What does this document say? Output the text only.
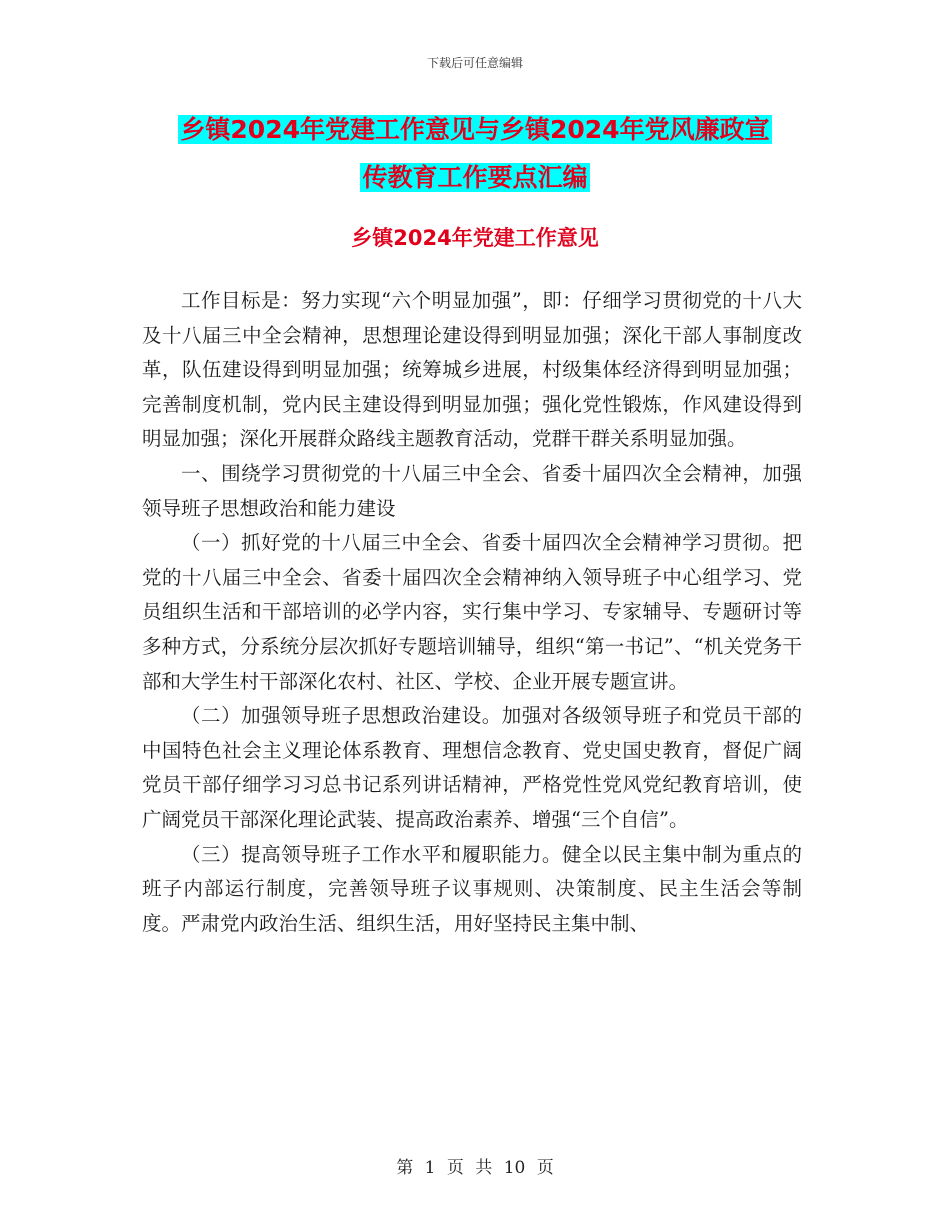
下载后可任意编辑
乡镇2024年党建工作意见与乡镇2024年党风廉政宣
传教育工作要点汇编
乡镇2024年党建工作意见

工作目标是：努力实现“六个明显加强”，即：仔细学习贯彻党的十八大及十八届三中全会精神，思想理论建设得到明显加强；深化干部人事制度改革，队伍建设得到明显加强；统筹城乡进展，村级集体经济得到明显加强；完善制度机制，党内民主建设得到明显加强；强化党性锻炼，作风建设得到明显加强；深化开展群众路线主题教育活动，党群干群关系明显加强。

一、围绕学习贯彻党的十八届三中全会、省委十届四次全会精神，加强领导班子思想政治和能力建设

（一）抓好党的十八届三中全会、省委十届四次全会精神学习贯彻。把党的十八届三中全会、省委十届四次全会精神纳入领导班子中心组学习、党员组织生活和干部培训的必学内容，实行集中学习、专家辅导、专题研讨等多种方式，分系统分层次抓好专题培训辅导，组织“第一书记”、“机关党务干部和大学生村干部深化农村、社区、学校、企业开展专题宣讲。

（二）加强领导班子思想政治建设。加强对各级领导班子和党员干部的中国特色社会主义理论体系教育、理想信念教育、党史国史教育，督促广阔党员干部仔细学习习总书记系列讲话精神，严格党性党风党纪教育培训，使广阔党员干部深化理论武装、提高政治素养、增强“三个自信”。

（三）提高领导班子工作水平和履职能力。健全以民主集中制为重点的班子内部运行制度，完善领导班子议事规则、决策制度、民主生活会等制度。严肃党内政治生活、组织生活，用好坚持民主集中制、

第 1 页 共 10 页
